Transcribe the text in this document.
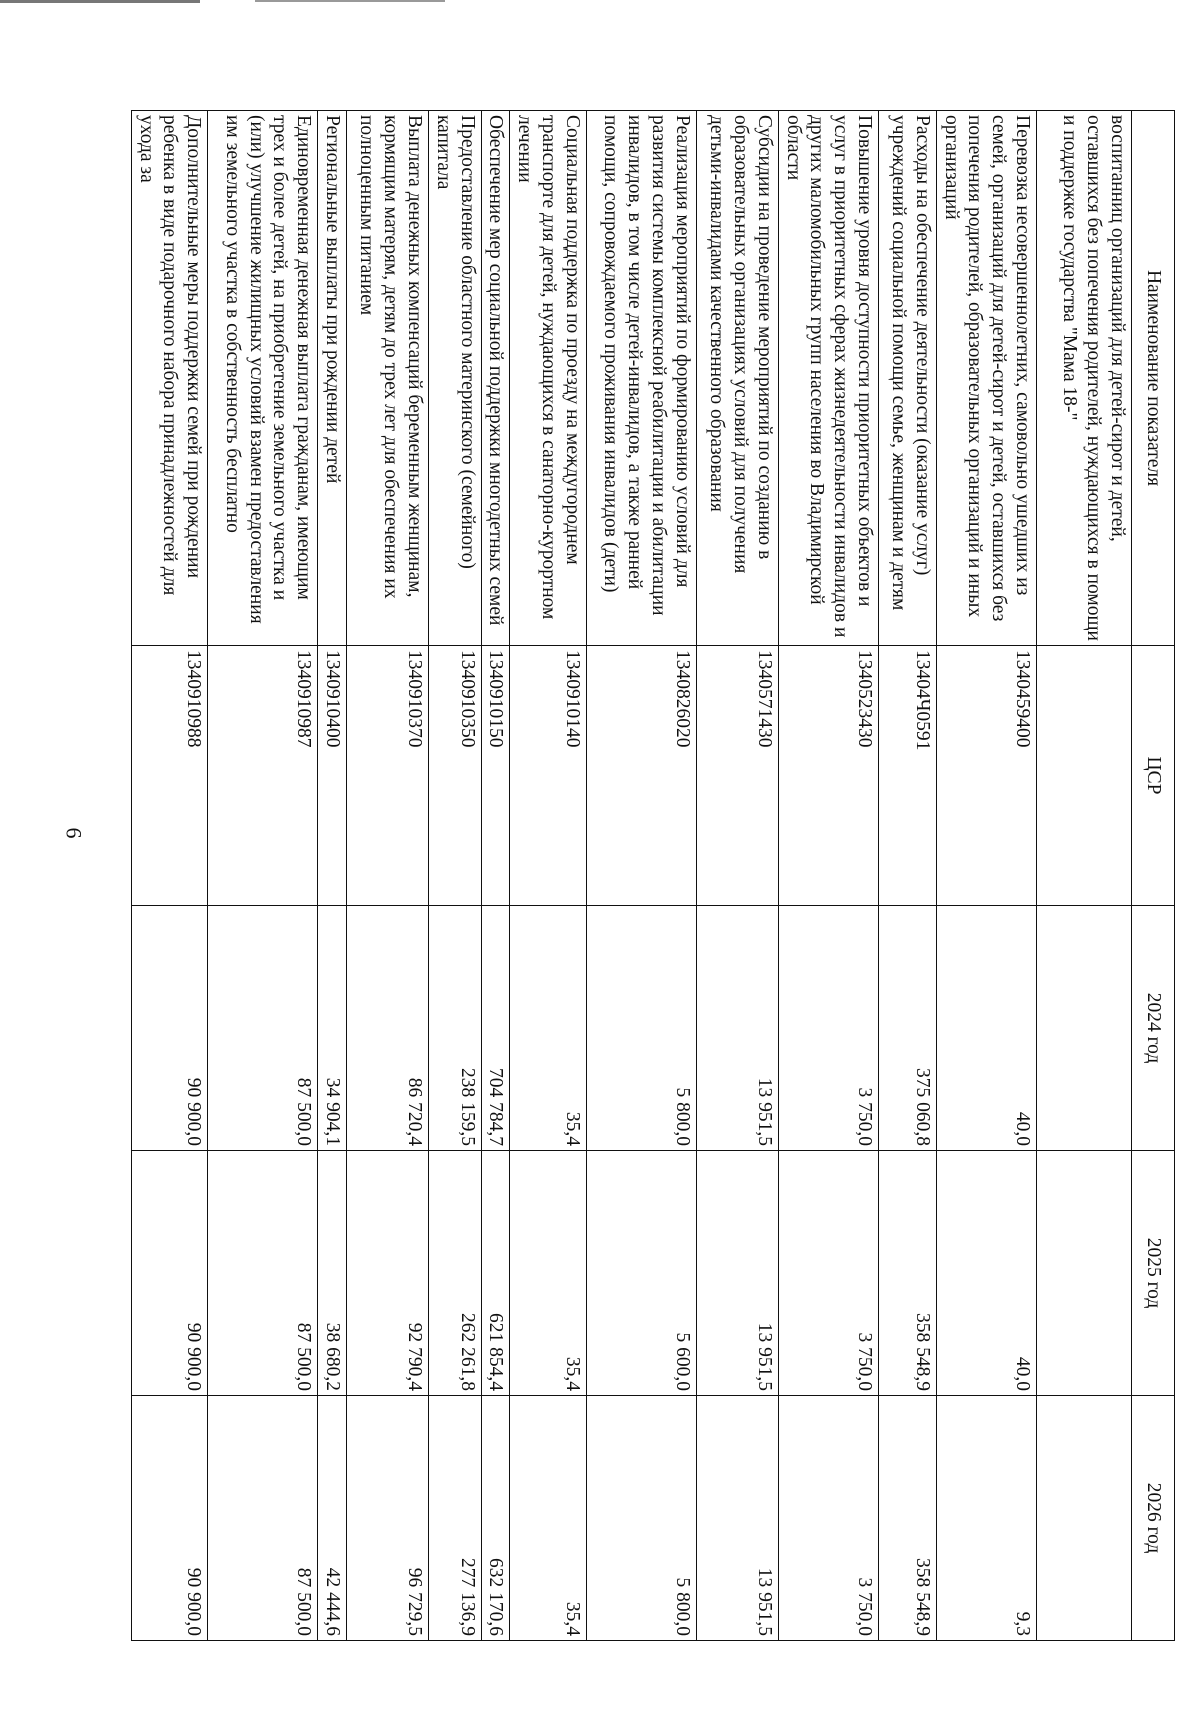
6
Наименование показателя	ЦСР	2024 год	2025 год	2026 год
воспитанниц организаций для детей-сирот и детей, оставшихся без попечения родителей, нуждающихся в помощи и поддержке государства "Мама 18-"				
Перевозка несовершеннолетних, самовольно ушедших из семей, организаций для детей-сирот и детей, оставшихся без попечения родителей, образовательных организаций и иных организаций	1340459400	40,0	40,0	9,3
Расходы на обеспечение деятельности (оказание услуг) учреждений социальной помощи семье, женщинам и детям	13404Ч0591	375 060,8	358 548,9	358 548,9
Повышение уровня доступности приоритетных объектов и услуг в приоритетных сферах жизнедеятельности инвалидов и других маломобильных групп населения во Владимирской области	1340523430	3 750,0	3 750,0	3 750,0
Субсидии на проведение мероприятий по созданию в образовательных организациях условий для получения детьми-инвалидами качественного образования	1340571430	13 951,5	13 951,5	13 951,5
Реализация мероприятий по формированию условий для развития системы комплексной реабилитации и абилитации инвалидов, в том числе детей-инвалидов, а также ранней помощи, сопровождаемого проживания инвалидов (дети)	1340826020	5 800,0	5 600,0	5 800,0
Социальная поддержка по проезду на междугороднем транспорте для детей, нуждающихся в санаторно-курортном лечении	1340910140	35,4	35,4	35,4
Обеспечение мер социальной поддержки многодетных семей	1340910150	704 784,7	621 854,4	632 170,6
Предоставление областного материнского (семейного) капитала	1340910350	238 159,5	262 261,8	277 136,9
Выплата денежных компенсаций беременным женщинам, кормящим матерям, детям до трех лет для обеспечения их полноценным питанием	1340910370	86 720,4	92 790,4	96 729,5
Региональные выплаты при рождении детей	1340910400	34 904,1	38 680,2	42 444,6
Единовременная денежная выплата гражданам, имеющим трех и более детей, на приобретение земельного участка и (или) улучшение жилищных условий взамен предоставления им земельного участка в собственность бесплатно	1340910987	87 500,0	87 500,0	87 500,0
Дополнительные меры поддержки семей при рождении ребенка в виде подарочного набора принадлежностей для ухода за	1340910988	90 900,0	90 900,0	90 900,0
